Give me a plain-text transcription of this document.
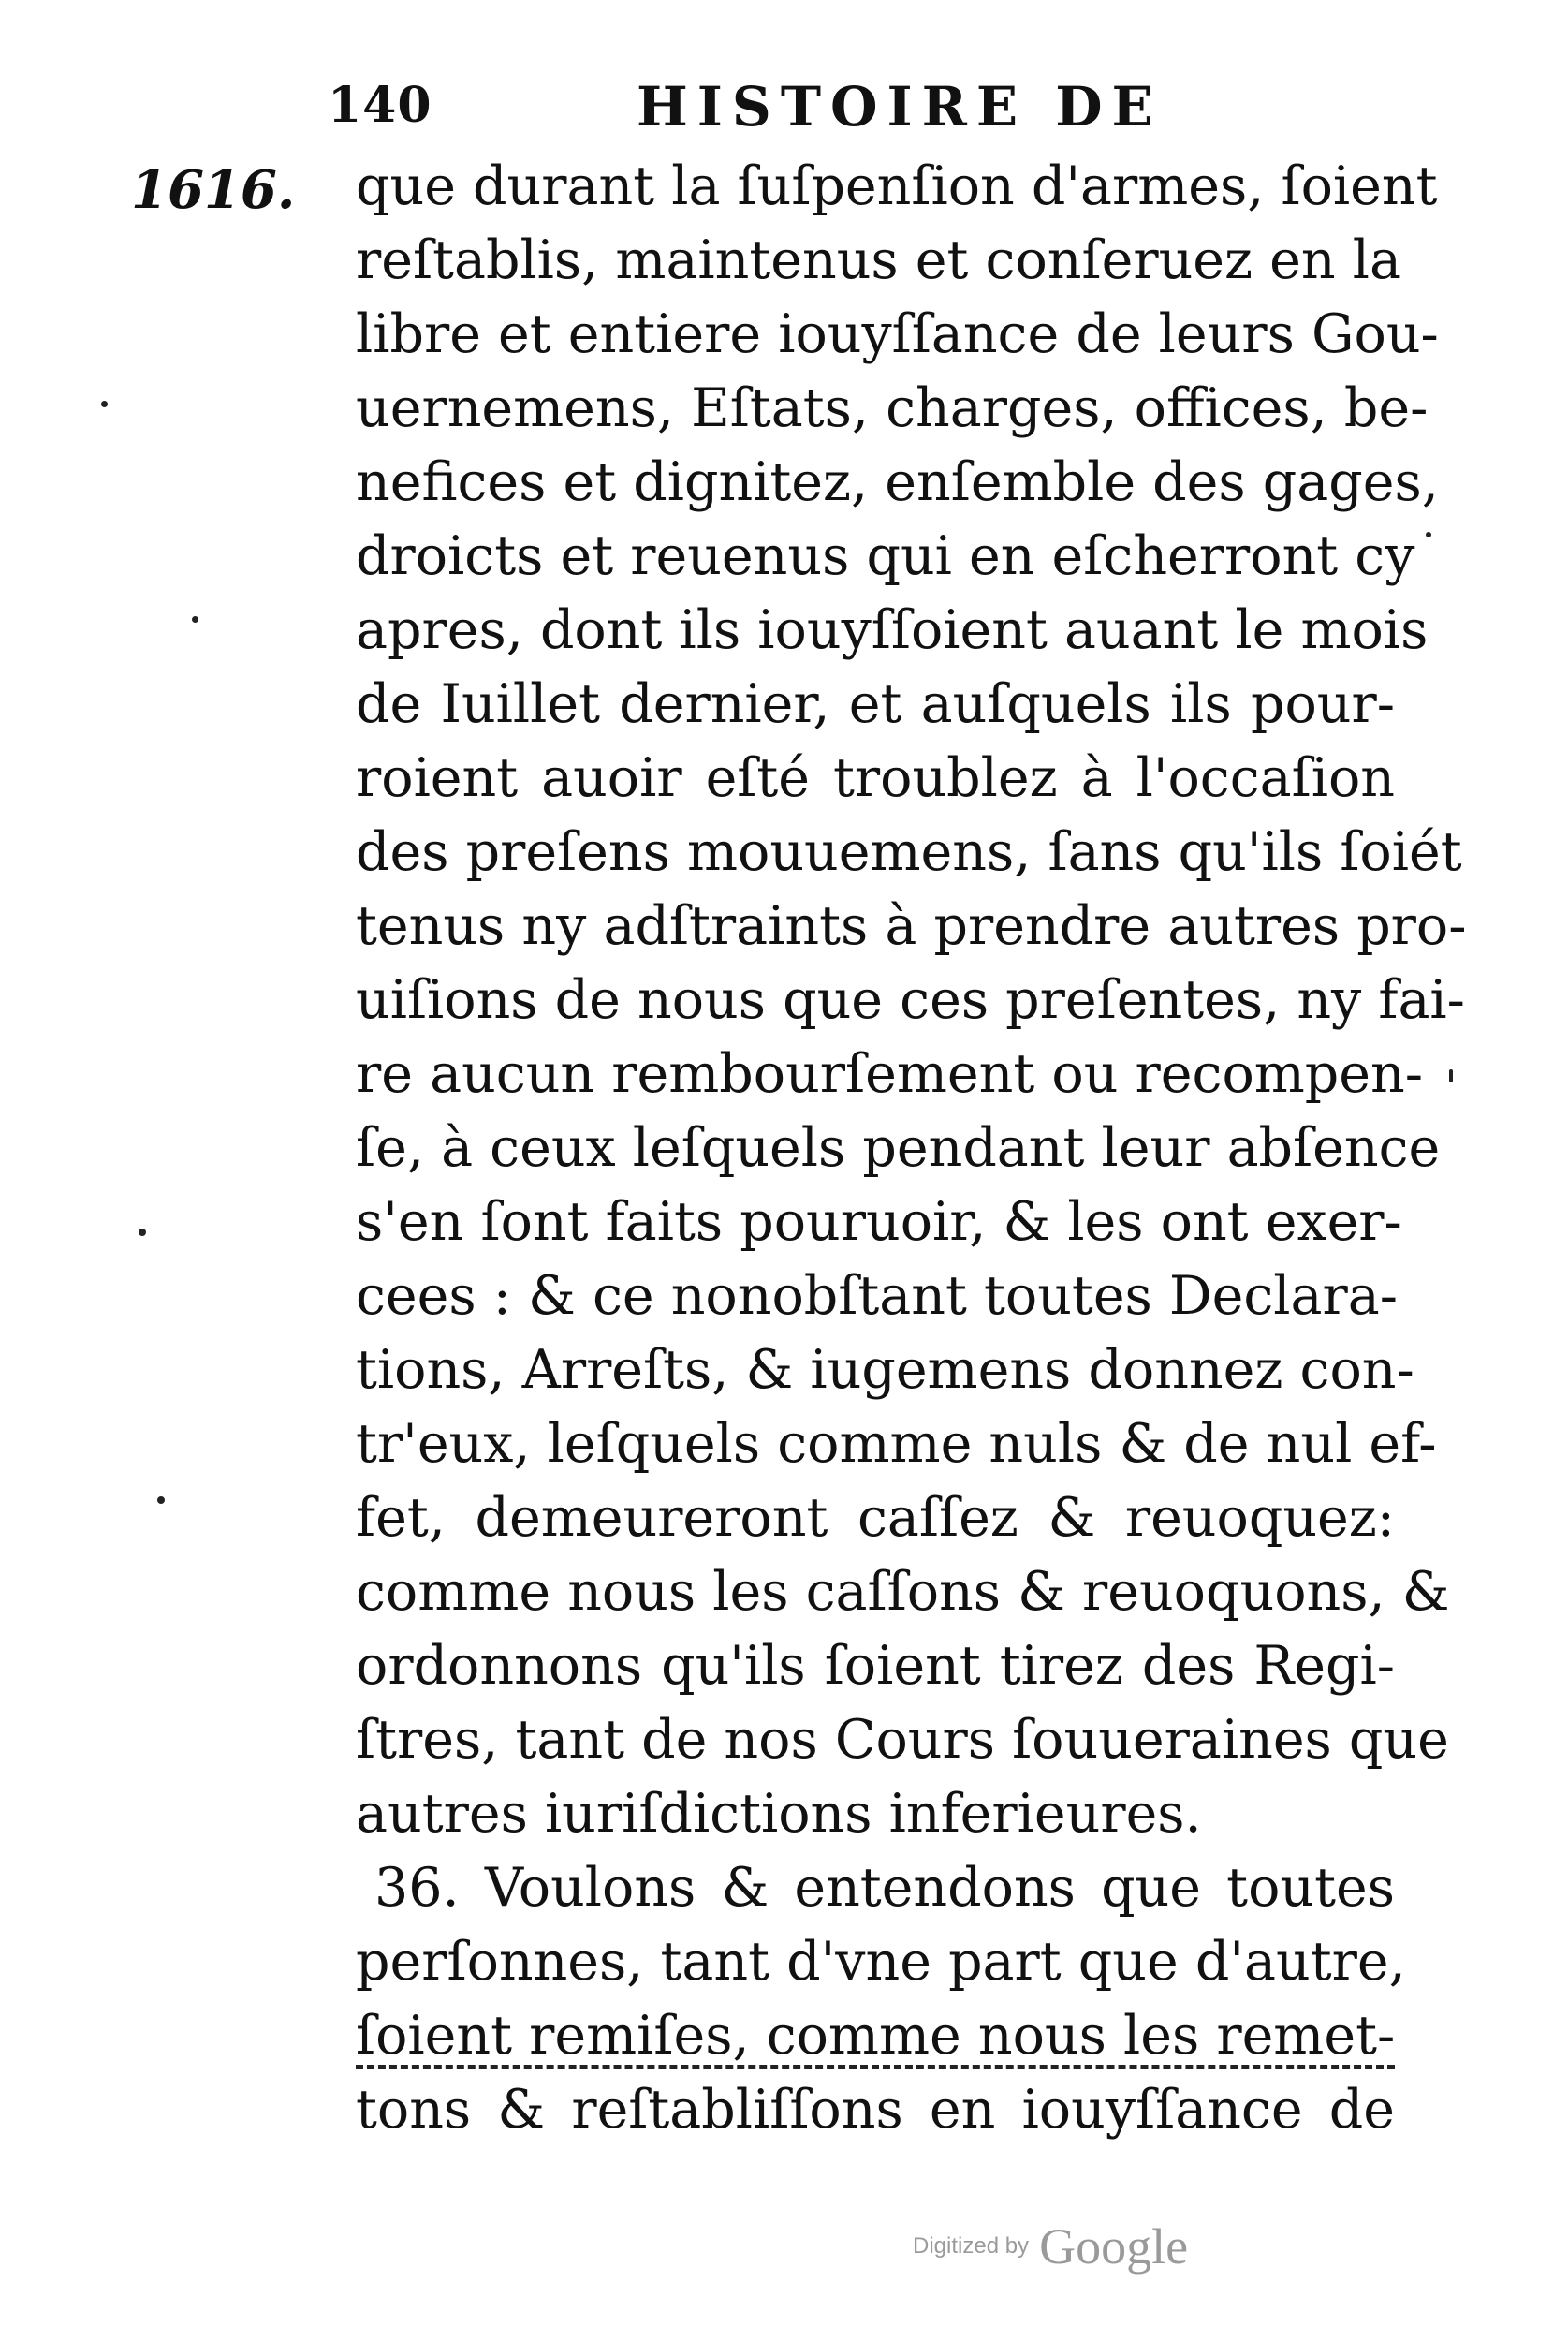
140	HISTOIRE DE
1616. que durant la ſuſpenſion d'armes, ſoient
reſtablis, maintenus et conſeruez en la
libre et entiere iouyſſance de leurs Gou-
uernemens, Eſtats, charges, offices, be-
nefices et dignitez, enſemble des gages,
droicts et reuenus qui en eſcherront cy
apres, dont ils iouyſſoient auant le mois
de Iuillet dernier, et auſquels ils pour-
roient auoir eſté troublez à l'occaſion
des preſens mouuemens, ſans qu'ils ſoiét
tenus ny adſtraints à prendre autres pro-
uiſions de nous que ces preſentes, ny fai-
re aucun rembourſement ou recompen-
ſe, à ceux leſquels pendant leur abſence
s'en ſont faits pouruoir, & les ont exer-
cees : & ce nonobſtant toutes Declara-
tions, Arreſts, & iugemens donnez con-
tr'eux, leſquels comme nuls & de nul ef-
fet, demeureront caſſez & reuoquez:
comme nous les caſſons & reuoquons, &
ordonnons qu'ils ſoient tirez des Regi-
ſtres, tant de nos Cours ſouueraines que
autres iuriſdictions inferieures.
36. Voulons & entendons que toutes
perſonnes, tant d'vne part que d'autre,
ſoient remiſes, comme nous les remet-
tons & reſtabliſſons en iouyſſance de
Digitized by Google
